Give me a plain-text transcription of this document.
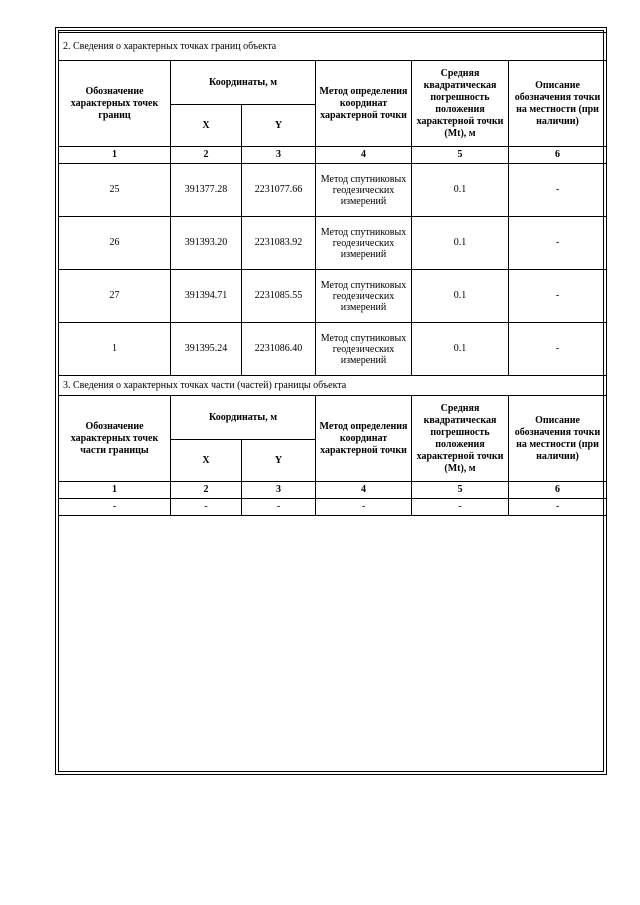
2. Сведения о характерных точках границ объекта					
Обозначение характерных точек границ	Координаты, м		Метод определения координат характерной точки	Средняя квадратическая погрешность положения характерной точки (Mt), м	Описание обозначения точки на местности (при наличии)
	X	Y			
1	2	3	4	5	6
25	391377.28	2231077.66	Метод спутниковых геодезических измерений	0.1	-
26	391393.20	2231083.92	Метод спутниковых геодезических измерений	0.1	-
27	391394.71	2231085.55	Метод спутниковых геодезических измерений	0.1	-
1	391395.24	2231086.40	Метод спутниковых геодезических измерений	0.1	-
3. Сведения о характерных точках части (частей) границы объекта					
Обозначение характерных точек части границы	Координаты, м		Метод определения координат характерной точки	Средняя квадратическая погрешность положения характерной точки (Mt), м	Описание обозначения точки на местности (при наличии)
	X	Y			
1	2	3	4	5	6
-	-	-	-	-	-
